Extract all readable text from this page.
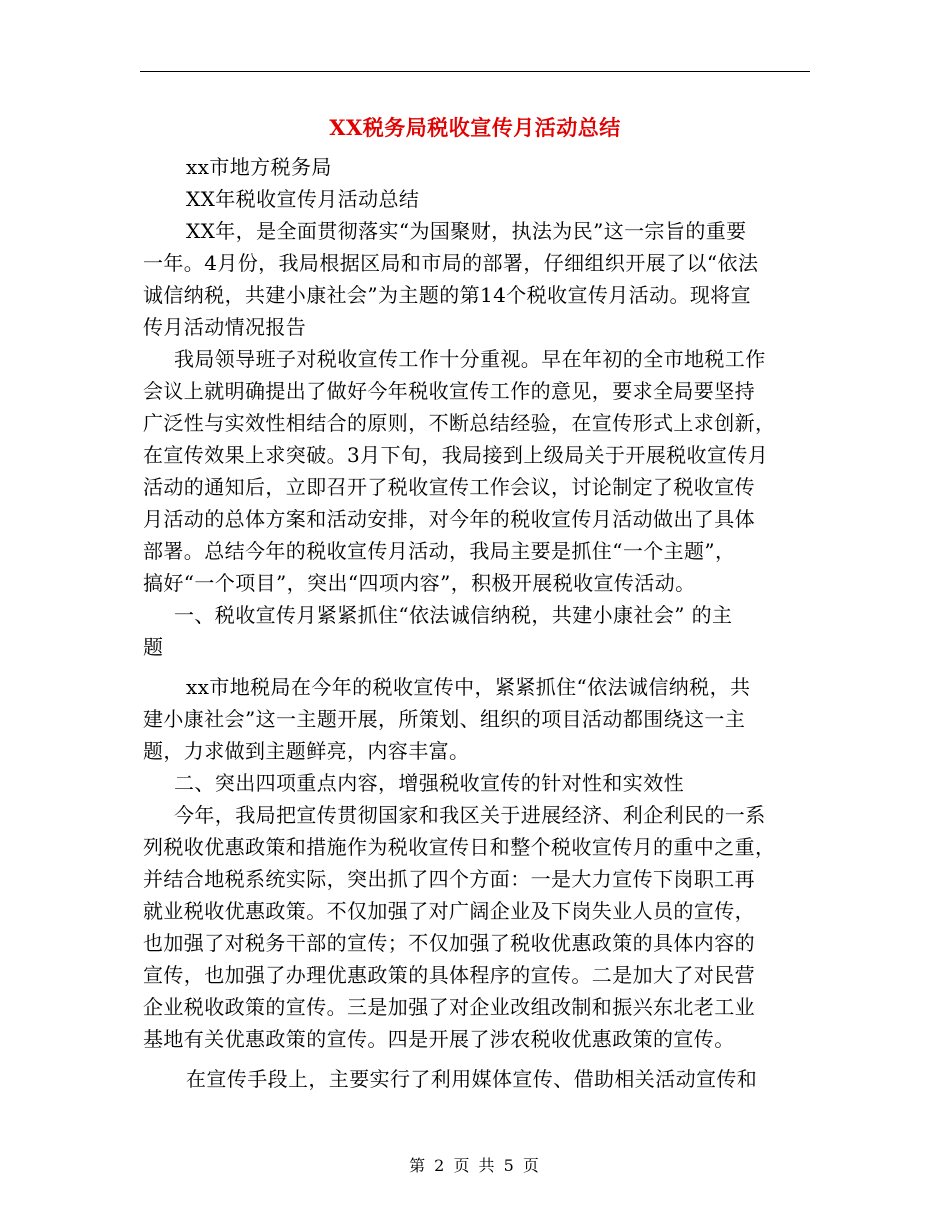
XX税务局税收宣传月活动总结
xx市地方税务局
XX年税收宣传月活动总结
XX年，是全面贯彻落实“为国聚财，执法为民”这一宗旨的重要
一年。4月份，我局根据区局和市局的部署，仔细组织开展了以“依法
诚信纳税，共建小康社会”为主题的第14个税收宣传月活动。现将宣
传月活动情况报告
我局领导班子对税收宣传工作十分重视。早在年初的全市地税工作
会议上就明确提出了做好今年税收宣传工作的意见，要求全局要坚持
广泛性与实效性相结合的原则，不断总结经验，在宣传形式上求创新，
在宣传效果上求突破。3月下旬，我局接到上级局关于开展税收宣传月
活动的通知后，立即召开了税收宣传工作会议，讨论制定了税收宣传
月活动的总体方案和活动安排，对今年的税收宣传月活动做出了具体
部署。总结今年的税收宣传月活动，我局主要是抓住“一个主题”，
搞好“一个项目”，突出“四项内容”，积极开展税收宣传活动。
一、税收宣传月紧紧抓住“依法诚信纳税，共建小康社会” 的主
题
xx市地税局在今年的税收宣传中，紧紧抓住“依法诚信纳税，共
建小康社会”这一主题开展，所策划、组织的项目活动都围绕这一主
题，力求做到主题鲜亮，内容丰富。
二、突出四项重点内容，增强税收宣传的针对性和实效性
今年，我局把宣传贯彻国家和我区关于进展经济、利企利民的一系
列税收优惠政策和措施作为税收宣传日和整个税收宣传月的重中之重，
并结合地税系统实际，突出抓了四个方面：一是大力宣传下岗职工再
就业税收优惠政策。不仅加强了对广阔企业及下岗失业人员的宣传，
也加强了对税务干部的宣传；不仅加强了税收优惠政策的具体内容的
宣传，也加强了办理优惠政策的具体程序的宣传。二是加大了对民营
企业税收政策的宣传。三是加强了对企业改组改制和振兴东北老工业
基地有关优惠政策的宣传。四是开展了涉农税收优惠政策的宣传。
在宣传手段上，主要实行了利用媒体宣传、借助相关活动宣传和
第 2 页 共 5 页
